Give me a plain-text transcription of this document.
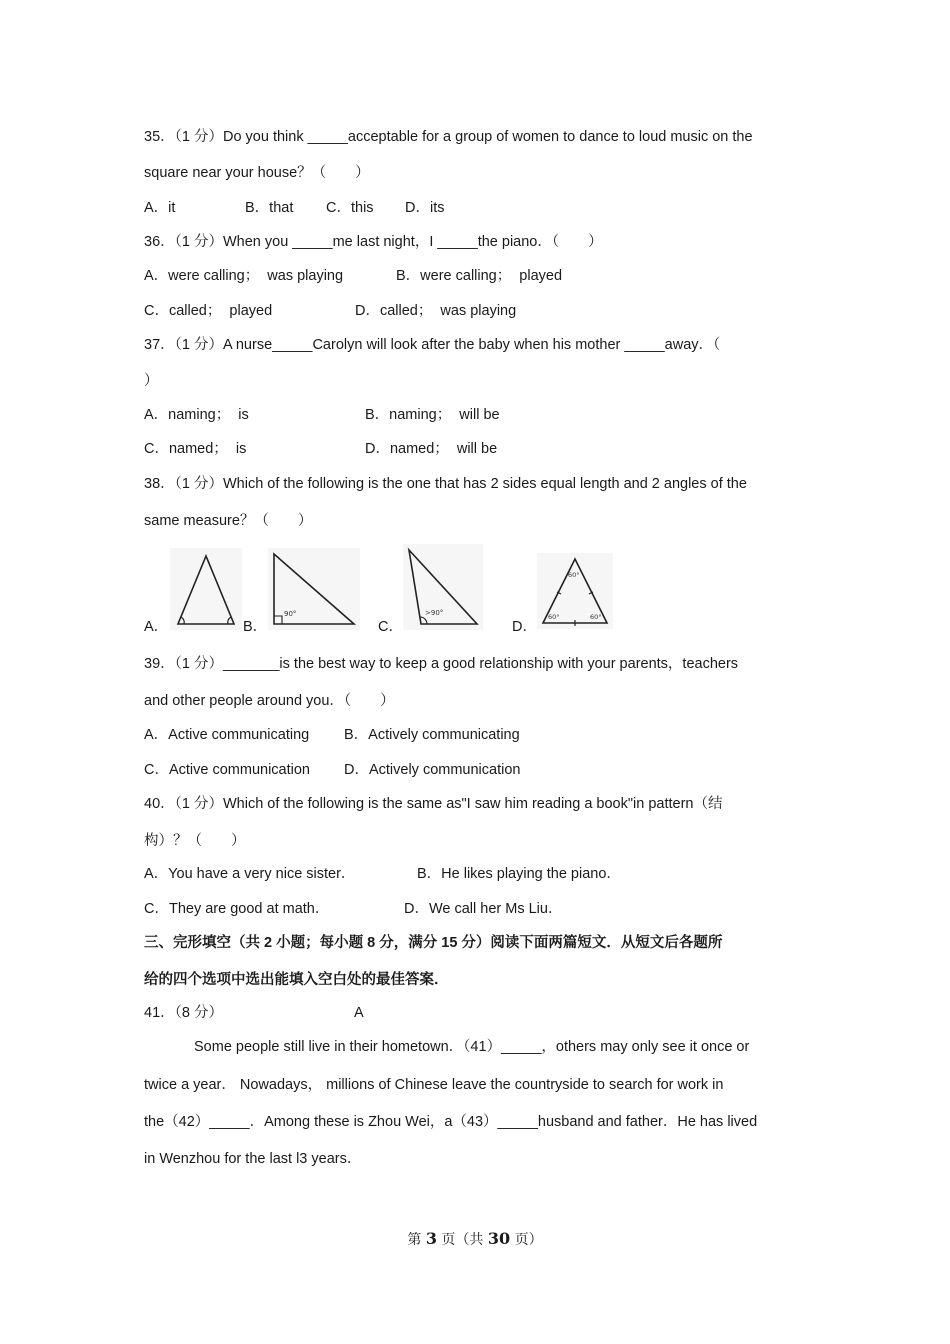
35．（1 分）Do you think _____acceptable for a group of women to dance to loud music on the
square near your house？（　　）
A．it	B．that C．this D．its
36．（1 分）When you _____me last night，I _____the piano．（　　）
A．were calling；  was playing	B．were calling；  played
C．called；  played	D．called；  was playing
37．（1 分）A nurse_____Carolyn will look after the baby when his mother _____away．（
）
A．naming；  is	B．naming；  will be
C．named；  is	D．named；  will be
38．（1 分）Which of the following is the one that has 2 sides equal length and 2 angles of the
same measure？（　　）
A．	B．
90°
C．
>90°
D．
60°
60°	60°
39．（1 分）_______is the best way to keep a good relationship with your parents，teachers
and other people around you．（　　）
A．Active communicating B．Actively communicating
C．Active communication D．Actively communication
40．（1 分）Which of the following is the same as"I saw him reading a book"in pattern（结
构）？（　　）
A．You have a very nice sister．	B．He likes playing the piano．
C．They are good at math．	D．We call her Ms Liu．
三、完形填空（共 2 小题；每小题 8 分，满分 15 分）阅读下面两篇短文．从短文后各题所
给的四个选项中选出能填入空白处的最佳答案．
41．（8 分）	A
Some people still live in their hometown．（41）_____，others may only see it once or
twice a year． Nowadays， millions of Chinese leave the countryside to search for work in
the（42）_____．Among these is Zhou Wei，a（43）_____husband and father．He has lived
in Wenzhou for the last l3 years．
第 3 页（共 30 页）
